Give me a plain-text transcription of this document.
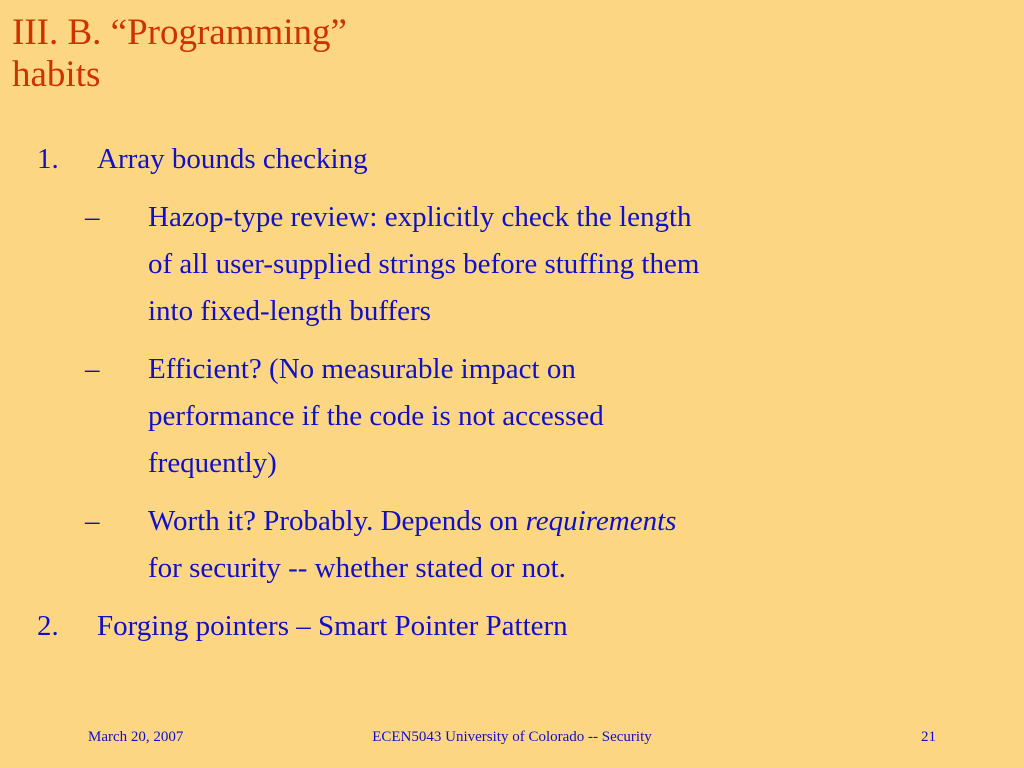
III. B. “Programming”
habits
1. Array bounds checking
– Hazop-type review: explicitly check the length
of all user-supplied strings before stuffing them
into fixed-length buffers
– Efficient? (No measurable impact on
performance if the code is not accessed
frequently)
– Worth it? Probably. Depends on requirements
for security -- whether stated or not.
2. Forging pointers – Smart Pointer Pattern
March 20, 2007	ECEN5043 University of Colorado -- Security	21
